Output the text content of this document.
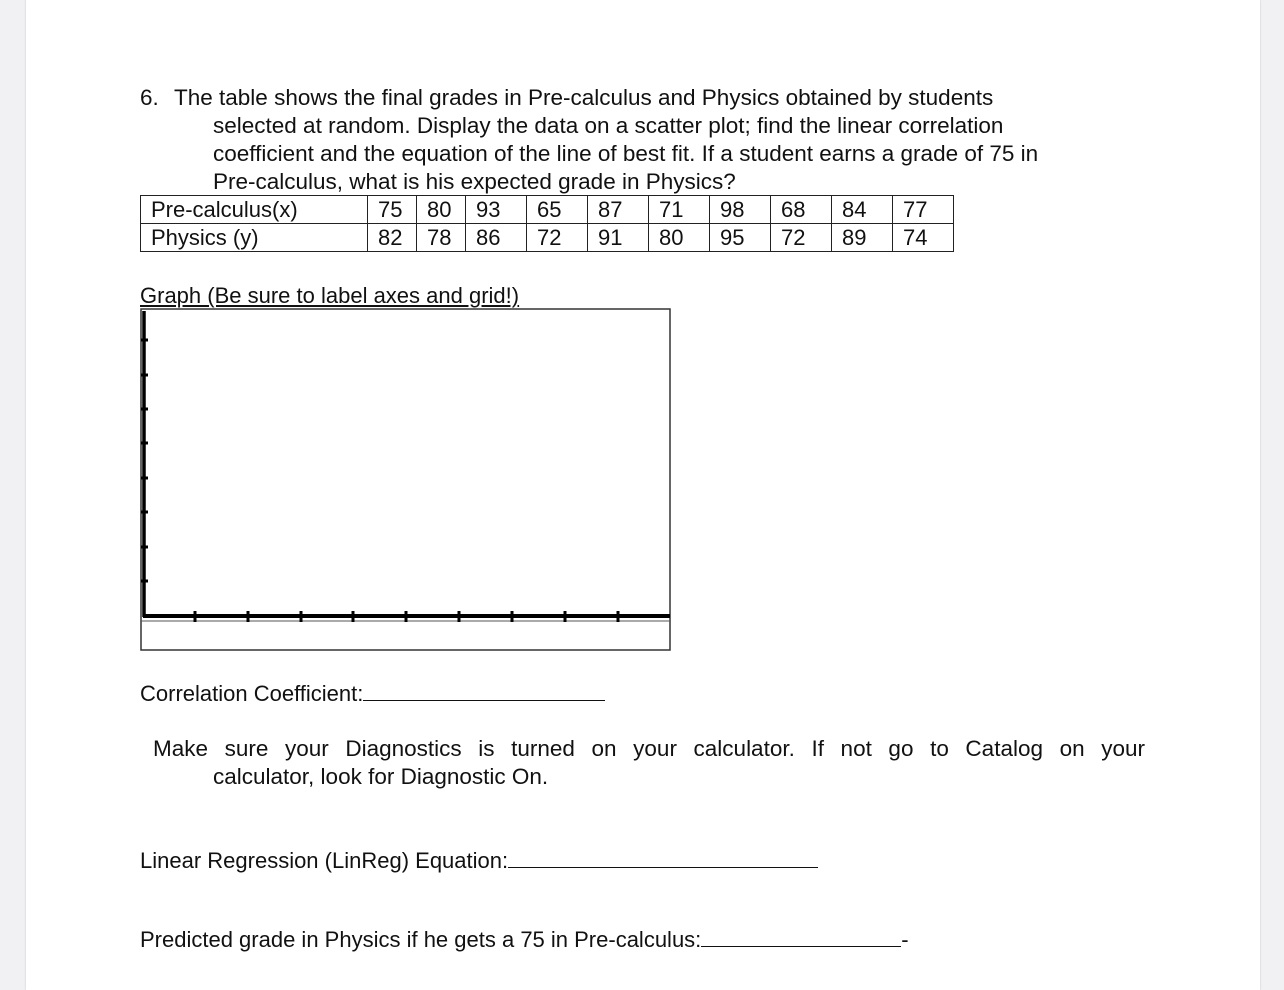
6. The table shows the final grades in Pre-calculus and Physics obtained by students
selected at random. Display the data on a scatter plot; find the linear correlation
coefficient and the equation of the line of best fit. If a student earns a grade of 75 in
Pre-calculus, what is his expected grade in Physics?
Pre-calculus(x)	75	80	93	65	87	71	98	68	84	77
Physics (y)	82	78	86	72	91	80	95	72	89	74
Graph (Be sure to label axes and grid!)
Correlation Coefficient:
Make sure your Diagnostics is turned on your calculator. If not go to Catalog on your
calculator, look for Diagnostic On.
Linear Regression (LinReg) Equation:
Predicted grade in Physics if he gets a 75 in Pre-calculus:	-
